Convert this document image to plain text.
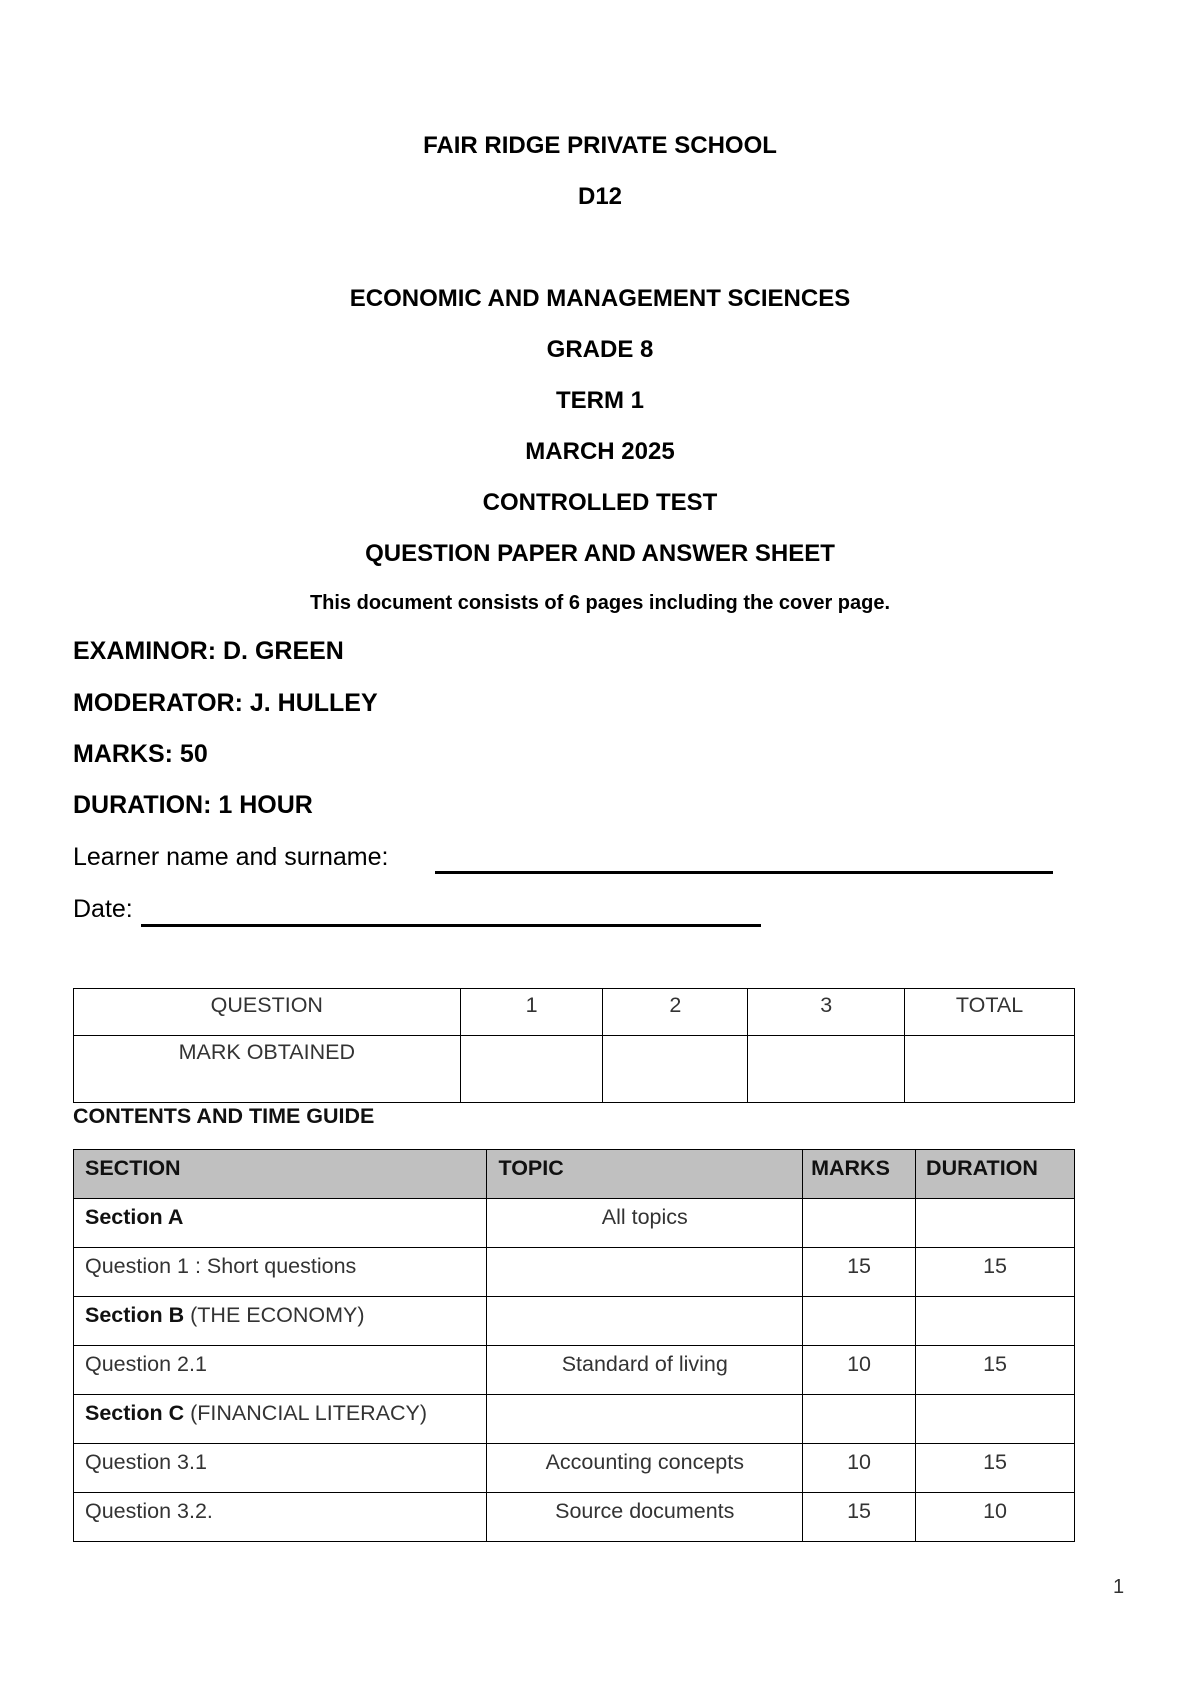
FAIR RIDGE PRIVATE SCHOOL
D12
ECONOMIC AND MANAGEMENT SCIENCES
GRADE 8
TERM 1
MARCH 2025
CONTROLLED TEST
QUESTION PAPER AND ANSWER SHEET
This document consists of 6 pages including the cover page.
EXAMINOR: D. GREEN
MODERATOR: J. HULLEY
MARKS: 50
DURATION: 1 HOUR
Learner name and surname:
Date:
QUESTION	1	2	3	TOTAL
MARK OBTAINED				
CONTENTS AND TIME GUIDE
SECTION	TOPIC	MARKS	DURATION
Section A	All topics		
Question 1 : Short questions		15	15
Section B (THE ECONOMY)			
Question 2.1	Standard of living	10	15
Section C (FINANCIAL LITERACY)			
Question 3.1	Accounting concepts	10	15
Question 3.2.	Source documents	15	10
1
